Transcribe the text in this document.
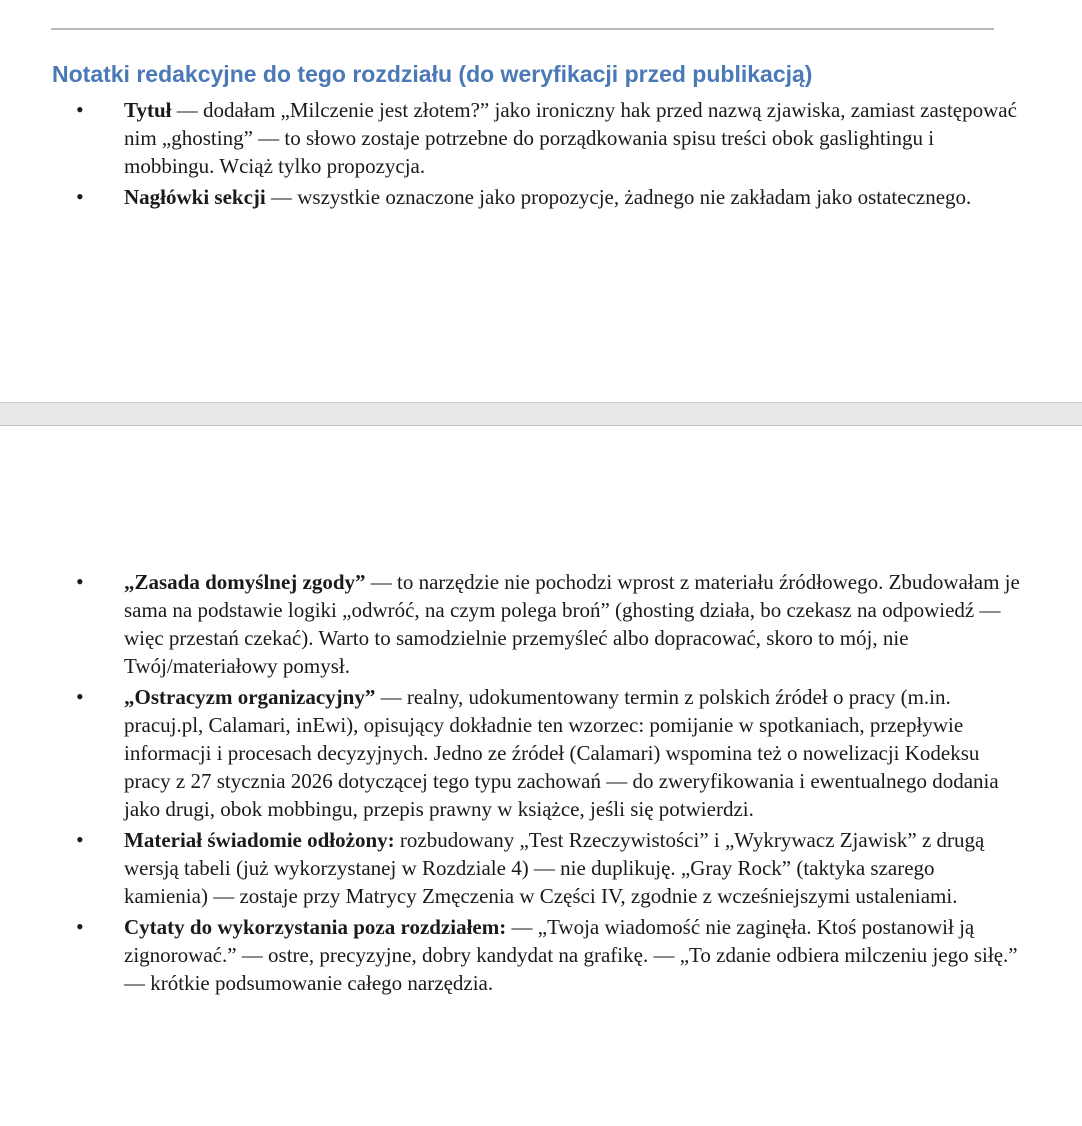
Notatki redakcyjne do tego rozdziału (do weryfikacji przed publikacją)
• Tytuł — dodałam „Milczenie jest złotem?” jako ironiczny hak przed nazwą zjawiska, zamiast zastępować nim „ghosting” — to słowo zostaje potrzebne do porządkowania spisu treści obok gaslightingu i mobbingu. Wciąż tylko propozycja.
• Nagłówki sekcji — wszystkie oznaczone jako propozycje, żadnego nie zakładam jako ostatecznego.
• „Zasada domyślnej zgody” — to narzędzie nie pochodzi wprost z materiału źródłowego. Zbudowałam je sama na podstawie logiki „odwróć, na czym polega broń” (ghosting działa, bo czekasz na odpowiedź — więc przestań czekać). Warto to samodzielnie przemyśleć albo dopracować, skoro to mój, nie Twój/materiałowy pomysł.
• „Ostracyzm organizacyjny” — realny, udokumentowany termin z polskich źródeł o pracy (m.in. pracuj.pl, Calamari, inEwi), opisujący dokładnie ten wzorzec: pomijanie w spotkaniach, przepływie informacji i procesach decyzyjnych. Jedno ze źródeł (Calamari) wspomina też o nowelizacji Kodeksu pracy z 27 stycznia 2026 dotyczącej tego typu zachowań — do zweryfikowania i ewentualnego dodania jako drugi, obok mobbingu, przepis prawny w książce, jeśli się potwierdzi.
• Materiał świadomie odłożony: rozbudowany „Test Rzeczywistości” i „Wykrywacz Zjawisk” z drugą wersją tabeli (już wykorzystanej w Rozdziale 4) — nie duplikuję. „Gray Rock” (taktyka szarego kamienia) — zostaje przy Matrycy Zmęczenia w Części IV, zgodnie z wcześniejszymi ustaleniami.
• Cytaty do wykorzystania poza rozdziałem: — „Twoja wiadomość nie zaginęła. Ktoś postanowił ją zignorować.” — ostre, precyzyjne, dobry kandydat na grafikę. — „To zdanie odbiera milczeniu jego siłę.” — krótkie podsumowanie całego narzędzia.
